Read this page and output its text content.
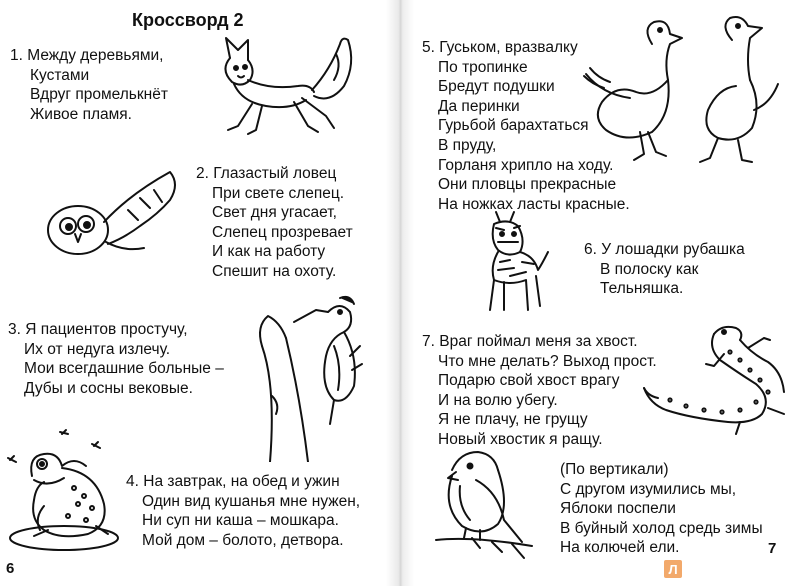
Кроссворд 2
1. Между деревьями,
Кустами
Вдруг промелькнёт
Живое пламя.
2. Глазастый ловец
При свете слепец.
Свет дня угасает,
Слепец прозревает
И как на работу
Спешит на охоту.
3. Я пациентов простучу,
Их от недуга излечу.
Мои всегдашние больные –
Дубы и сосны вековые.
4. На завтрак, на обед и ужин
Один вид кушанья мне нужен,
Ни суп ни каша – мошкара.
Мой дом – болото, детвора.
5. Гуськом, вразвалку
По тропинке
Бредут подушки
Да перинки
Гурьбой барахтаться
В пруду,
Горланя хрипло на ходу.
Они пловцы прекрасные
На ножках ласты красные.
6. У лошадки рубашка
В полоску как
Тельняшка.
7. Враг поймал меня за хвост.
Что мне делать? Выход прост.
Подарю свой хвост врагу
И на волю убегу.
Я не плачу, не грущу
Новый хвостик я ращу.
(По вертикали)
С другом изумились мы,
Яблоки поспели
В буйный холод средь зимы
На колючей ели.
6
7
Л
